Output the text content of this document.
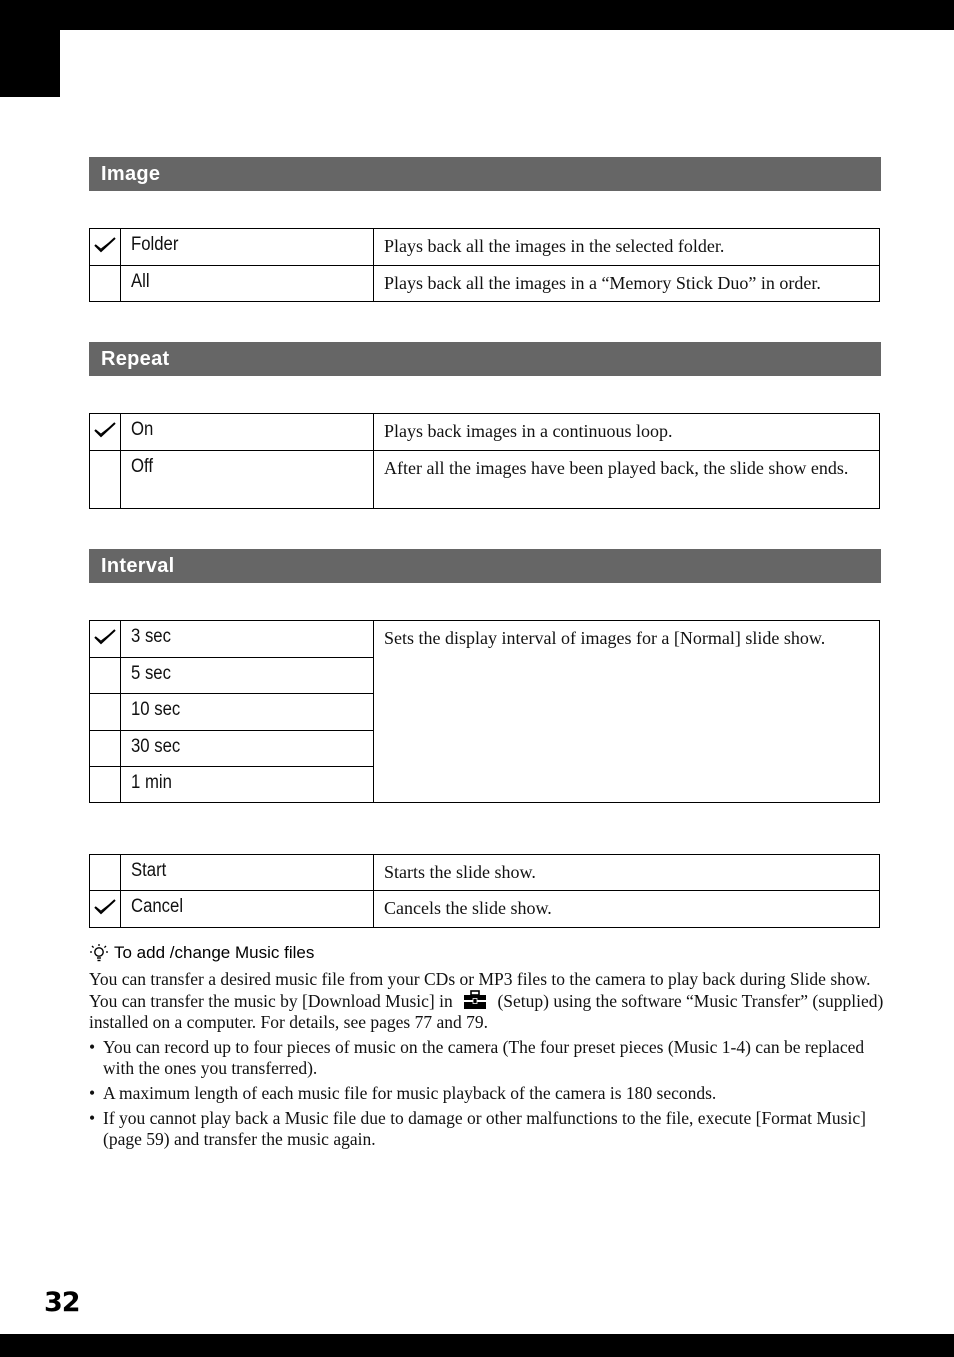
Image
	Folder	Plays back all the images in the selected folder.
	All	Plays back all the images in a “Memory Stick Duo” in order.
Repeat
	On	Plays back images in a continuous loop.
	Off	After all the images have been played back, the slide show ends.
Interval
	3 sec	Sets the display interval of images for a [Normal] slide show.
	5 sec	
	10 sec	
	30 sec	
	1 min	
	Start	Starts the slide show.
	Cancel	Cancels the slide show.
To add /change Music files

You can transfer a desired music file from your CDs or MP3 files to the camera to play back during Slide show. You can transfer the music by [Download Music] in	(Setup) using the software “Music Transfer” (supplied) installed on a computer. For details, see pages 77 and 79.

• You can record up to four pieces of music on the camera (The four preset pieces (Music 1-4) can be replaced with the ones you transferred).
• A maximum length of each music file for music playback of the camera is 180 seconds.
• If you cannot play back a Music file due to damage or other malfunctions to the file, execute [Format Music] (page 59) and transfer the music again.
32
